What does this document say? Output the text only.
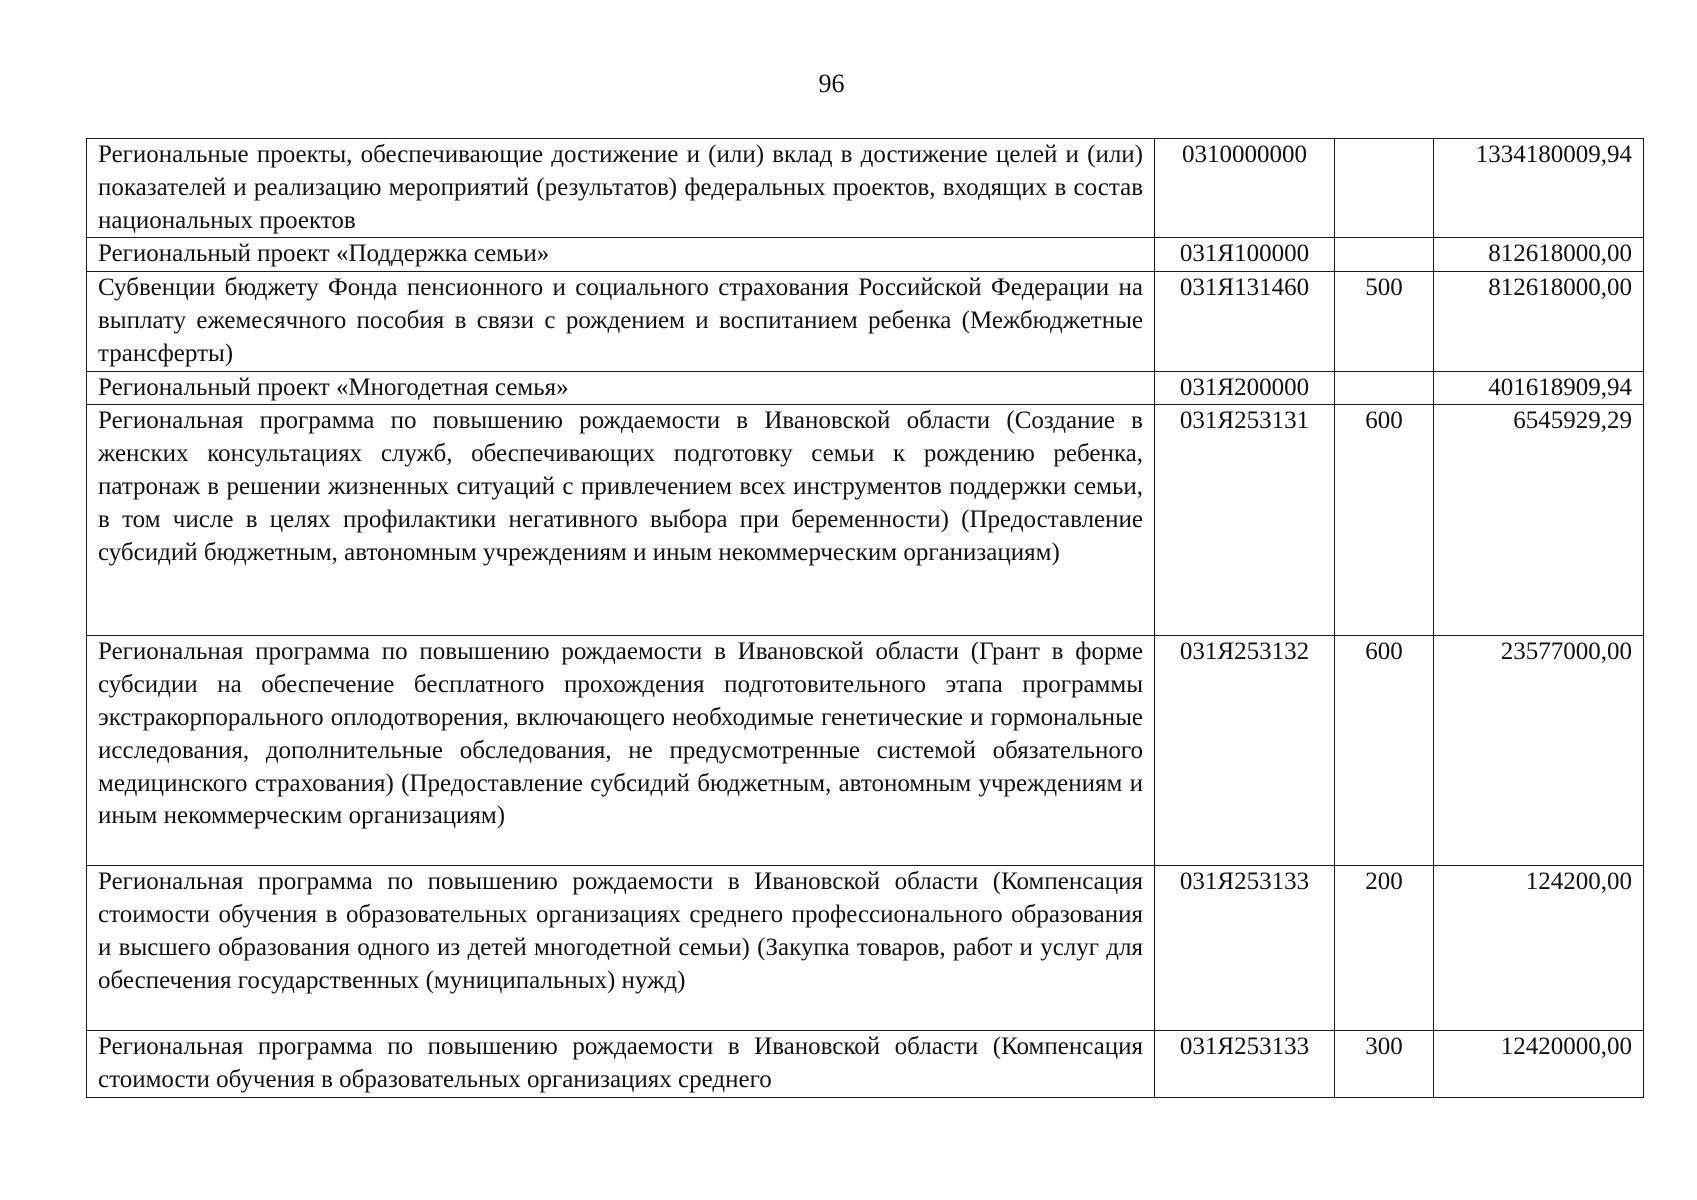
96
Региональные проекты, обеспечивающие достижение и (или) вклад в достижение целей и (или) показателей и реализацию мероприятий (результатов) федеральных проектов, входящих в состав национальных проектов	0310000000		1334180009,94
Региональный проект «Поддержка семьи»	031Я100000		812618000,00
Субвенции бюджету Фонда пенсионного и социального страхования Российской Федерации на выплату ежемесячного пособия в связи с рождением и воспитанием ребенка (Межбюджетные трансферты)	031Я131460	500	812618000,00
Региональный проект «Многодетная семья»	031Я200000		401618909,94
Региональная программа по повышению рождаемости в Ивановской области (Создание в женских консультациях служб, обеспечивающих подготовку семьи к рождению ребенка, патронаж в решении жизненных ситуаций с привлечением всех инструментов поддержки семьи, в том числе в целях профилактики негативного выбора при беременности) (Предоставление субсидий бюджетным, автономным учреждениям и иным некоммерческим организациям)	031Я253131	600	6545929,29
Региональная программа по повышению рождаемости в Ивановской области (Грант в форме субсидии на обеспечение бесплатного прохождения подготовительного этапа программы экстракорпорального оплодотворения, включающего необходимые генетические и гормональные исследования, дополнительные обследования, не предусмотренные системой обязательного медицинского страхования) (Предоставление субсидий бюджетным, автономным учреждениям и иным некоммерческим организациям)	031Я253132	600	23577000,00
Региональная программа по повышению рождаемости в Ивановской области (Компенсация стоимости обучения в образовательных организациях среднего профессионального образования и высшего образования одного из детей многодетной семьи) (Закупка товаров, работ и услуг для обеспечения государственных (муниципальных) нужд)	031Я253133	200	124200,00

Региональная программа по повышению рождаемости в Ивановской области (Компенсация стоимости обучения в образовательных организациях среднего	031Я253133	300	12420000,00
